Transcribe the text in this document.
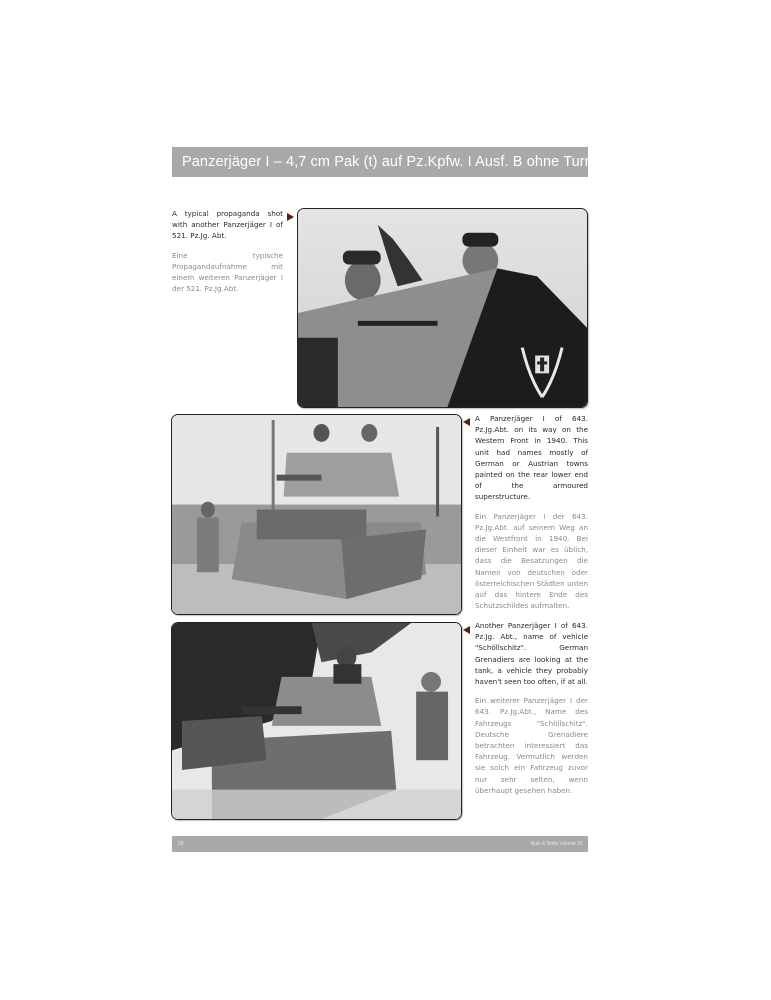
Panzerjäger I – 4,7 cm Pak (t) auf Pz.Kpfw. I Ausf. B ohne Turm
A typical propaganda shot with another Panzerjäger I of 521. Pz.Jg. Abt.
Eine typische Propagandaufnahme mit einem weiteren Panzerjäger I der 521. Pz.Jg.Abt.
A Panzerjäger I of 643. Pz.Jg.Abt. on its way on the Western Front in 1940. This unit had names mostly of German or Austrian towns painted on the rear lower end of the armoured superstructure.
Ein Panzerjäger I der 643. Pz.Jg.Abt. auf seinem Weg an die Westfront in 1940. Bei dieser Einheit war es üblich, dass die Besatzungen die Namen von deutschen oder österreichischen Städten unten auf das hintere Ende des Schutzschildes aufmalten.
Another Panzerjäger I of 643. Pz.Jg. Abt., name of vehicle "Schöllschitz". German Grenadiers are looking at the tank, a vehicle they probably haven't seen too often, if at all.
Ein weiterer Panzerjäger I der 643. Pz.Jg.Abt., Name des Fahrzeugs "Schöllschitz". Deutsche Grenadiere betrachten interessiert das Fahrzeug. Vermutlich werden sie solch ein Fahrzeug zuvor nur sehr selten, wenn überhaupt gesehen haben.
26	Nuts & Bolts Volume 25
